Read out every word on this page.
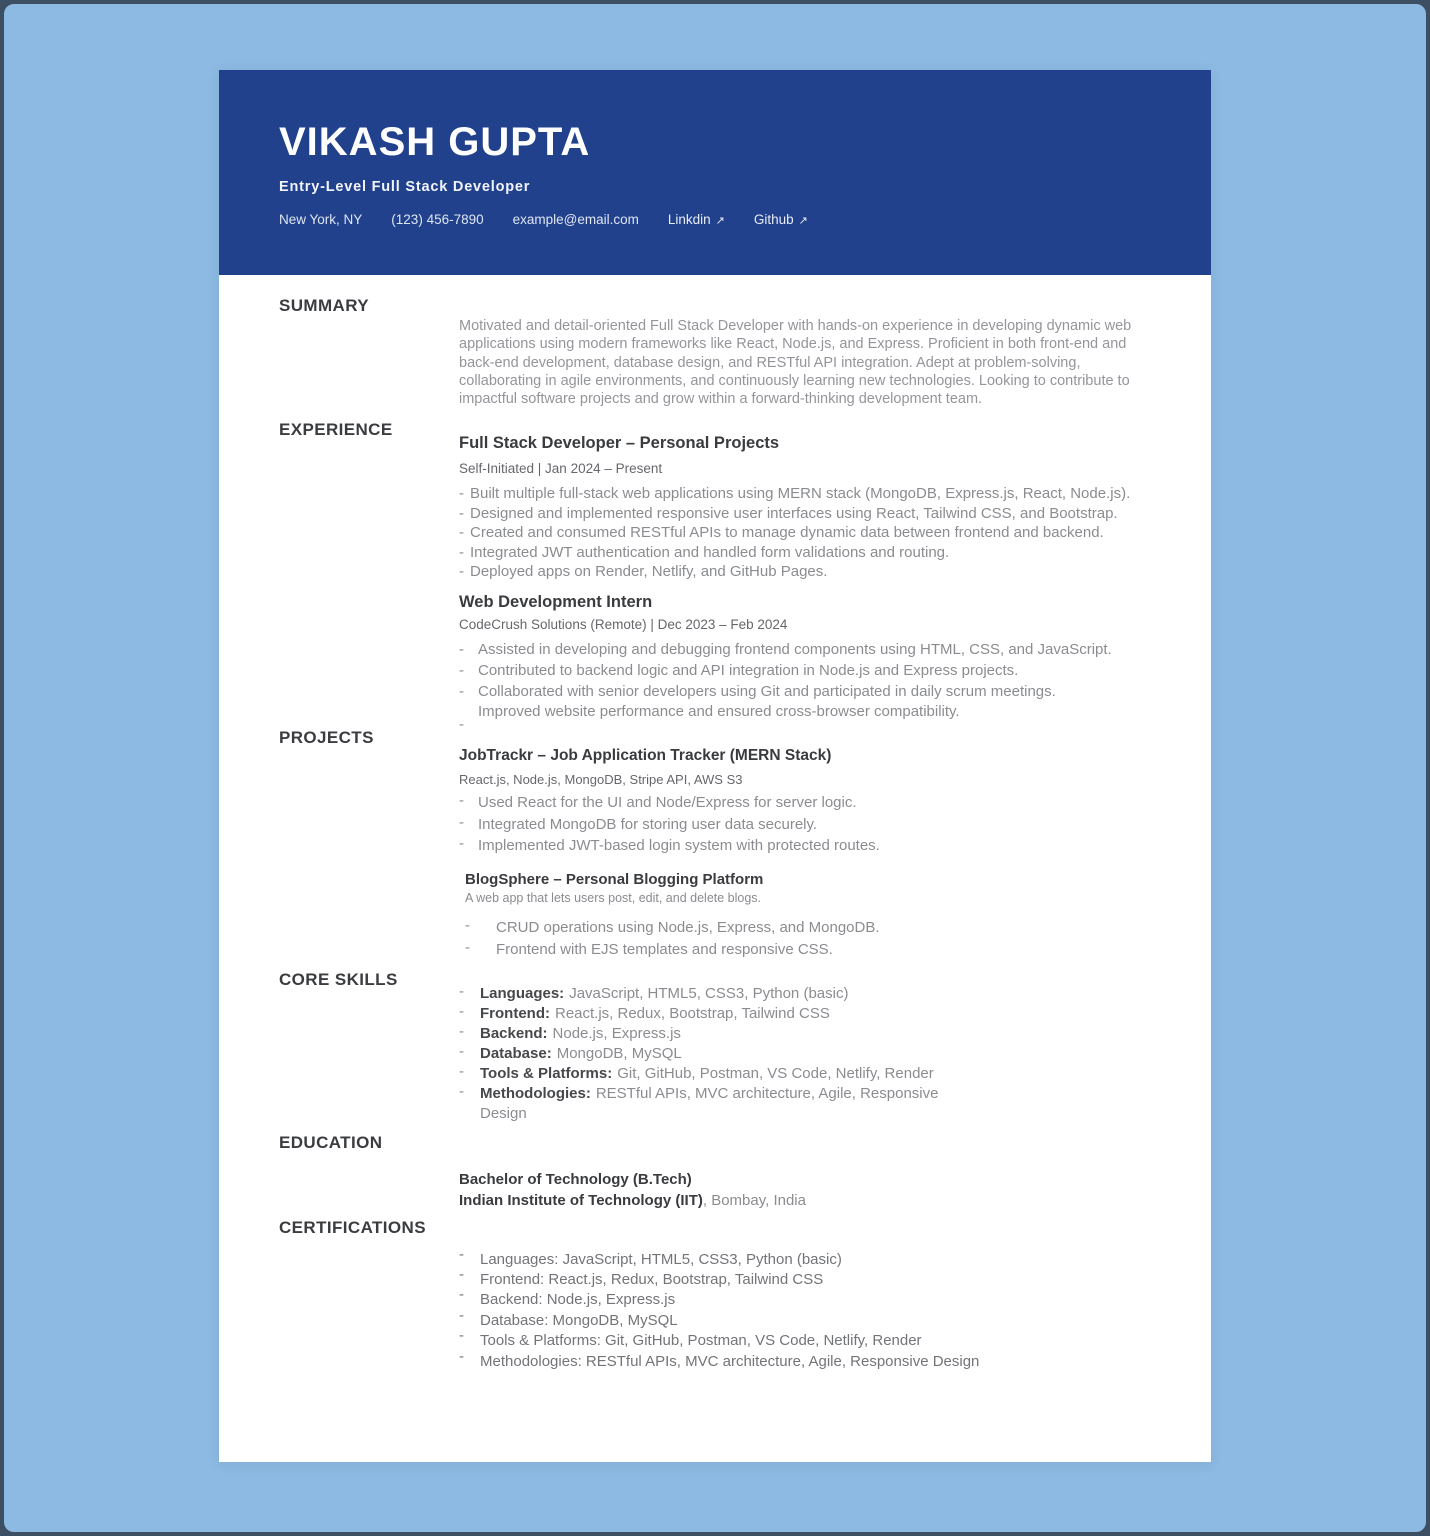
VIKASH GUPTA
Entry-Level Full Stack Developer
New York, NY (123) 456-7890 example@email.com Linkdin ↗ Github ↗
SUMMARY
Motivated and detail-oriented Full Stack Developer with hands-on experience in developing dynamic web applications using modern frameworks like React, Node.js, and Express. Proficient in both front-end and back-end development, database design, and RESTful API integration. Adept at problem-solving, collaborating in agile environments, and continuously learning new technologies. Looking to contribute to impactful software projects and grow within a forward-thinking development team.
EXPERIENCE
Full Stack Developer – Personal Projects
Self-Initiated | Jan 2024 – Present
- Built multiple full-stack web applications using MERN stack (MongoDB, Express.js, React, Node.js).
- Designed and implemented responsive user interfaces using React, Tailwind CSS, and Bootstrap.
- Created and consumed RESTful APIs to manage dynamic data between frontend and backend.
- Integrated JWT authentication and handled form validations and routing.
- Deployed apps on Render, Netlify, and GitHub Pages.
Web Development Intern
CodeCrush Solutions (Remote) | Dec 2023 – Feb 2024
- Assisted in developing and debugging frontend components using HTML, CSS, and JavaScript.
- Contributed to backend logic and API integration in Node.js and Express projects.
- Collaborated with senior developers using Git and participated in daily scrum meetings.
-
Improved website performance and ensured cross-browser compatibility.
PROJECTS
JobTrackr – Job Application Tracker (MERN Stack)
React.js, Node.js, MongoDB, Stripe API, AWS S3
- Used React for the UI and Node/Express for server logic.
- Integrated MongoDB for storing user data securely.
- Implemented JWT-based login system with protected routes.
BlogSphere – Personal Blogging Platform
A web app that lets users post, edit, and delete blogs.
-	CRUD operations using Node.js, Express, and MongoDB.
-	Frontend with EJS templates and responsive CSS.
CORE SKILLS
-	Languages: JavaScript, HTML5, CSS3, Python (basic)
-	Frontend: React.js, Redux, Bootstrap, Tailwind CSS
-	Backend: Node.js, Express.js
-	Database: MongoDB, MySQL
-	Tools & Platforms: Git, GitHub, Postman, VS Code, Netlify, Render
-	Methodologies: RESTful APIs, MVC architecture, Agile, Responsive Design
EDUCATION
Bachelor of Technology (B.Tech)
Indian Institute of Technology (IIT), Bombay, India
CERTIFICATIONS
-	Languages: JavaScript, HTML5, CSS3, Python (basic)
-	Frontend: React.js, Redux, Bootstrap, Tailwind CSS
-	Backend: Node.js, Express.js
-	Database: MongoDB, MySQL
-	Tools & Platforms: Git, GitHub, Postman, VS Code, Netlify, Render
-	Methodologies: RESTful APIs, MVC architecture, Agile, Responsive Design
